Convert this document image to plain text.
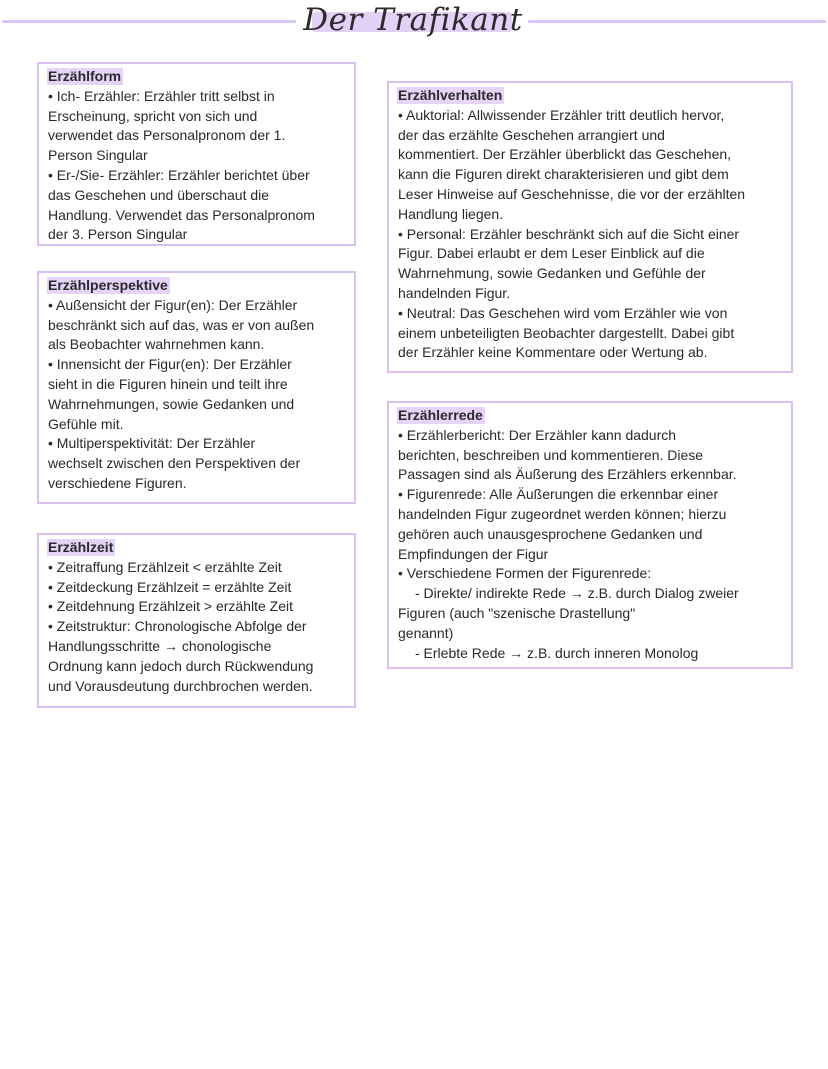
Der Trafikant
Erzählform
• Ich- Erzähler: Erzähler tritt selbst in
Erscheinung, spricht von sich und
verwendet das Personalpronom der 1.
Person Singular
• Er-/Sie- Erzähler: Erzähler berichtet über
das Geschehen und überschaut die
Handlung. Verwendet das Personalpronom
der 3. Person Singular
Erzählperspektive
• Außensicht der Figur(en): Der Erzähler
beschränkt sich auf das, was er von außen
als Beobachter wahrnehmen kann.
• Innensicht der Figur(en): Der Erzähler
sieht in die Figuren hinein und teilt ihre
Wahrnehmungen, sowie Gedanken und
Gefühle mit.
• Multiperspektivität: Der Erzähler
wechselt zwischen den Perspektiven der
verschiedene Figuren.
Erzählzeit
• Zeitraffung Erzählzeit < erzählte Zeit
• Zeitdeckung Erzählzeit = erzählte Zeit
• Zeitdehnung Erzählzeit > erzählte Zeit
• Zeitstruktur: Chronologische Abfolge der
Handlungsschritte → chonologische
Ordnung kann jedoch durch Rückwendung
und Vorausdeutung durchbrochen werden.
Erzählverhalten
• Auktorial: Allwissender Erzähler tritt deutlich hervor,
der das erzählte Geschehen arrangiert und
kommentiert. Der Erzähler überblickt das Geschehen,
kann die Figuren direkt charakterisieren und gibt dem
Leser Hinweise auf Geschehnisse, die vor der erzählten
Handlung liegen.
• Personal: Erzähler beschränkt sich auf die Sicht einer
Figur. Dabei erlaubt er dem Leser Einblick auf die
Wahrnehmung, sowie Gedanken und Gefühle der
handelnden Figur.
• Neutral: Das Geschehen wird vom Erzähler wie von
einem unbeteiligten Beobachter dargestellt. Dabei gibt
der Erzähler keine Kommentare oder Wertung ab.
Erzählerrede
• Erzählerbericht: Der Erzähler kann dadurch
berichten, beschreiben und kommentieren. Diese
Passagen sind als Äußerung des Erzählers erkennbar.
• Figurenrede: Alle Äußerungen die erkennbar einer
handelnden Figur zugeordnet werden können; hierzu
gehören auch unausgesprochene Gedanken und
Empfindungen der Figur
• Verschiedene Formen der Figurenrede:
- Direkte/ indirekte Rede → z.B. durch Dialog zweier
Figuren (auch "szenische Drastellung"
genannt)
- Erlebte Rede → z.B. durch inneren Monolog
